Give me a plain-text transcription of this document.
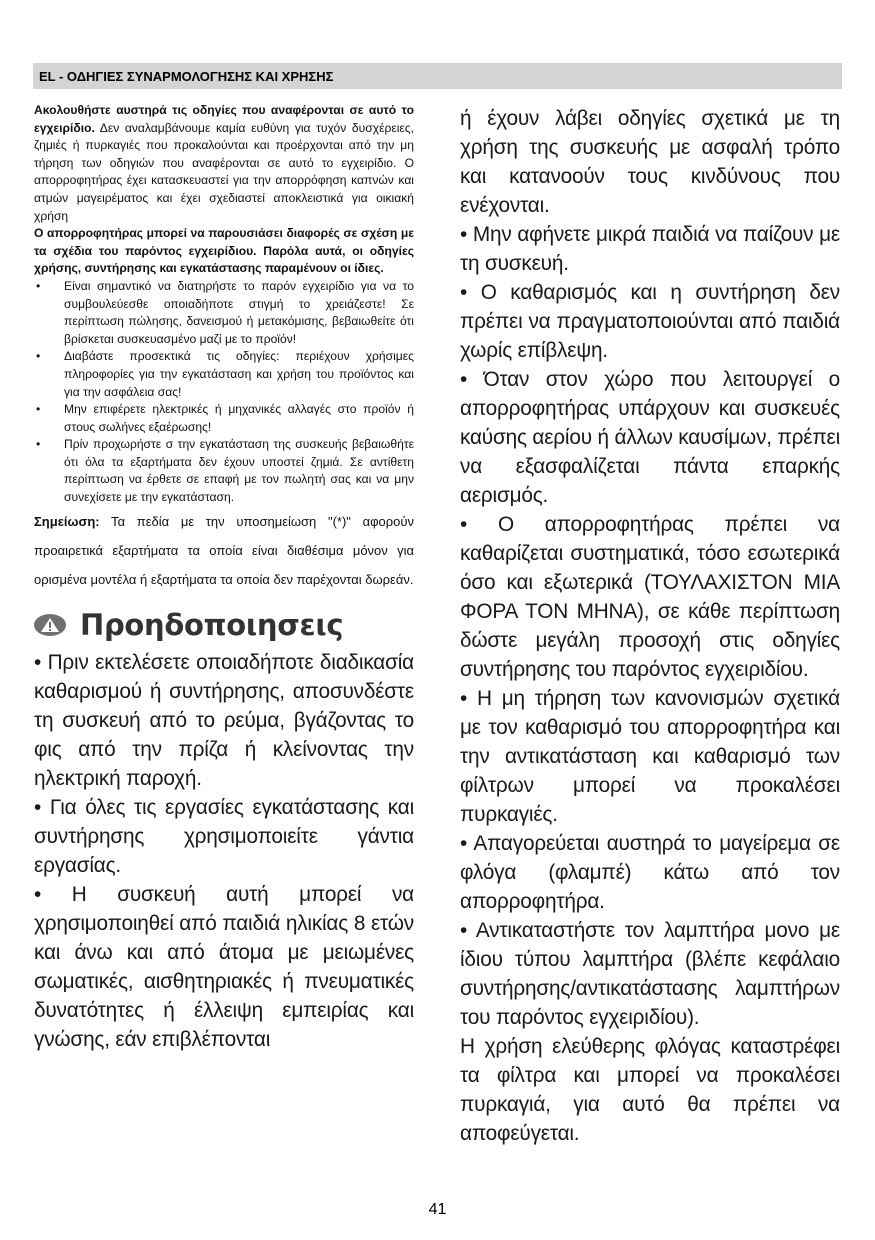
EL - ΟΔΗΓΙΕΣ ΣΥΝΑΡΜΟΛΟΓΗΣΗΣ ΚΑΙ ΧΡΗΣΗΣ

Ακολουθήστε αυστηρά τις οδηγίες που αναφέρονται σε αυτό το εγχειρίδιο. Δεν αναλαμβάνουμε καμία ευθύνη για τυχόν δυσχέρειες, ζημιές ή πυρκαγιές που προκαλούνται και προέρχονται από την μη τήρηση των οδηγιών που αναφέρονται σε αυτό το εγχειρίδιο. Ο απορροφητήρας έχει κατασκευαστεί για την απορρόφηση καπνών και ατμών μαγειρέματος και έχει σχεδιαστεί αποκλειστικά για οικιακή χρήση

Ο απορροφητήρας μπορεί να παρουσιάσει διαφορές σε σχέση με τα σχέδια του παρόντος εγχειρίδιου. Παρόλα αυτά, οι οδηγίες χρήσης, συντήρησης και εγκατάστασης παραμένουν οι ίδιες.

• Είναι σημαντικό να διατηρήστε το παρόν εγχειρίδιο για να το συμβουλεύεσθε οποιαδήποτε στιγμή το χρειάζεστε! Σε περίπτωση πώλησης, δανεισμού ή μετακόμισης, βεβαιωθείτε ότι βρίσκεται συσκευασμένο μαζί με το προϊόν!
• Διαβάστε προσεκτικά τις οδηγίες: περιέχουν χρήσιμες πληροφορίες για την εγκατάσταση και χρήση του προϊόντος και για την ασφάλεια σας!
• Μην επιφέρετε ηλεκτρικές ή μηχανικές αλλαγές στο προϊόν ή στους σωλήνες εξαέρωσης!
• Πρίν προχωρήστε σ την εγκατάσταση της συσκευής βεβαιωθήτε ότι όλα τα εξαρτήματα δεν έχουν υποστεί ζημιά. Σε αντίθετη περίπτωση να έρθετε σε επαφή με τον πωλητή σας και να μην συνεχίσετε με την εγκατάσταση.

Σημείωση: Τα πεδία με την υποσημείωση "(*)" αφορούν προαιρετικά εξαρτήματα τα οποία είναι διαθέσιμα μόνον για ορισμένα μοντέλα ή εξαρτήματα τα οποία δεν παρέχονται δωρεάν.

Προηδοποιησεις

• Πριν εκτελέσετε οποιαδήποτε διαδικασία καθαρισμού ή συντήρησης, αποσυνδέστε τη συσκευή από το ρεύμα, βγάζοντας το φις από την πρίζα ή κλείνοντας την ηλεκτρική παροχή.

• Για όλες τις εργασίες εγκατάστασης και συντήρησης χρησιμοποιείτε γάντια εργασίας.

• Η συσκευή αυτή μπορεί να χρησιμοποιηθεί από παιδιά ηλικίας 8 ετών και άνω και από άτομα με μειωμένες σωματικές, αισθητηριακές ή πνευματικές δυνατότητες ή έλλειψη εμπειρίας και γνώσης, εάν επιβλέπονται

ή έχουν λάβει οδηγίες σχετικά με τη χρήση της συσκευής με ασφαλή τρόπο και κατανοούν τους κινδύνους που ενέχονται.

• Μην αφήνετε μικρά παιδιά να παίζουν με τη συσκευή.

• Ο καθαρισμός και η συντήρηση δεν πρέπει να πραγματοποιούνται από παιδιά χωρίς επίβλεψη.

• Όταν στον χώρο που λειτουργεί ο απορροφητήρας υπάρχουν και συσκευές καύσης αερίου ή άλλων καυσίμων, πρέπει να εξασφαλίζεται πάντα επαρκής αερισμός.

• Ο απορροφητήρας πρέπει να καθαρίζεται συστηματικά, τόσο εσωτερικά όσο και εξωτερικά (ΤΟΥΛΑΧΙΣΤΟΝ ΜΙΑ ΦΟΡΑ ΤΟΝ ΜΗΝΑ), σε κάθε περίπτωση δώστε μεγάλη προσοχή στις οδηγίες συντήρησης του παρόντος εγχειριδίου.

• Η μη τήρηση των κανονισμών σχετικά με τον καθαρισμό του απορροφητήρα και την αντικατάσταση και καθαρισμό των φίλτρων μπορεί να προκαλέσει πυρκαγιές.

• Απαγορεύεται αυστηρά το μαγείρεμα σε φλόγα (φλαμπέ) κάτω από τον απορροφητήρα.

• Αντικαταστήστε τον λαμπτήρα μονο με ίδιου τύπου λαμπτήρα (βλέπε κεφάλαιο συντήρησης/αντικατάστασης λαμπτήρων του παρόντος εγχειριδίου).

Η χρήση ελεύθερης φλόγας καταστρέφει τα φίλτρα και μπορεί να προκαλέσει πυρκαγιά, για αυτό θα πρέπει να αποφεύγεται.

41
